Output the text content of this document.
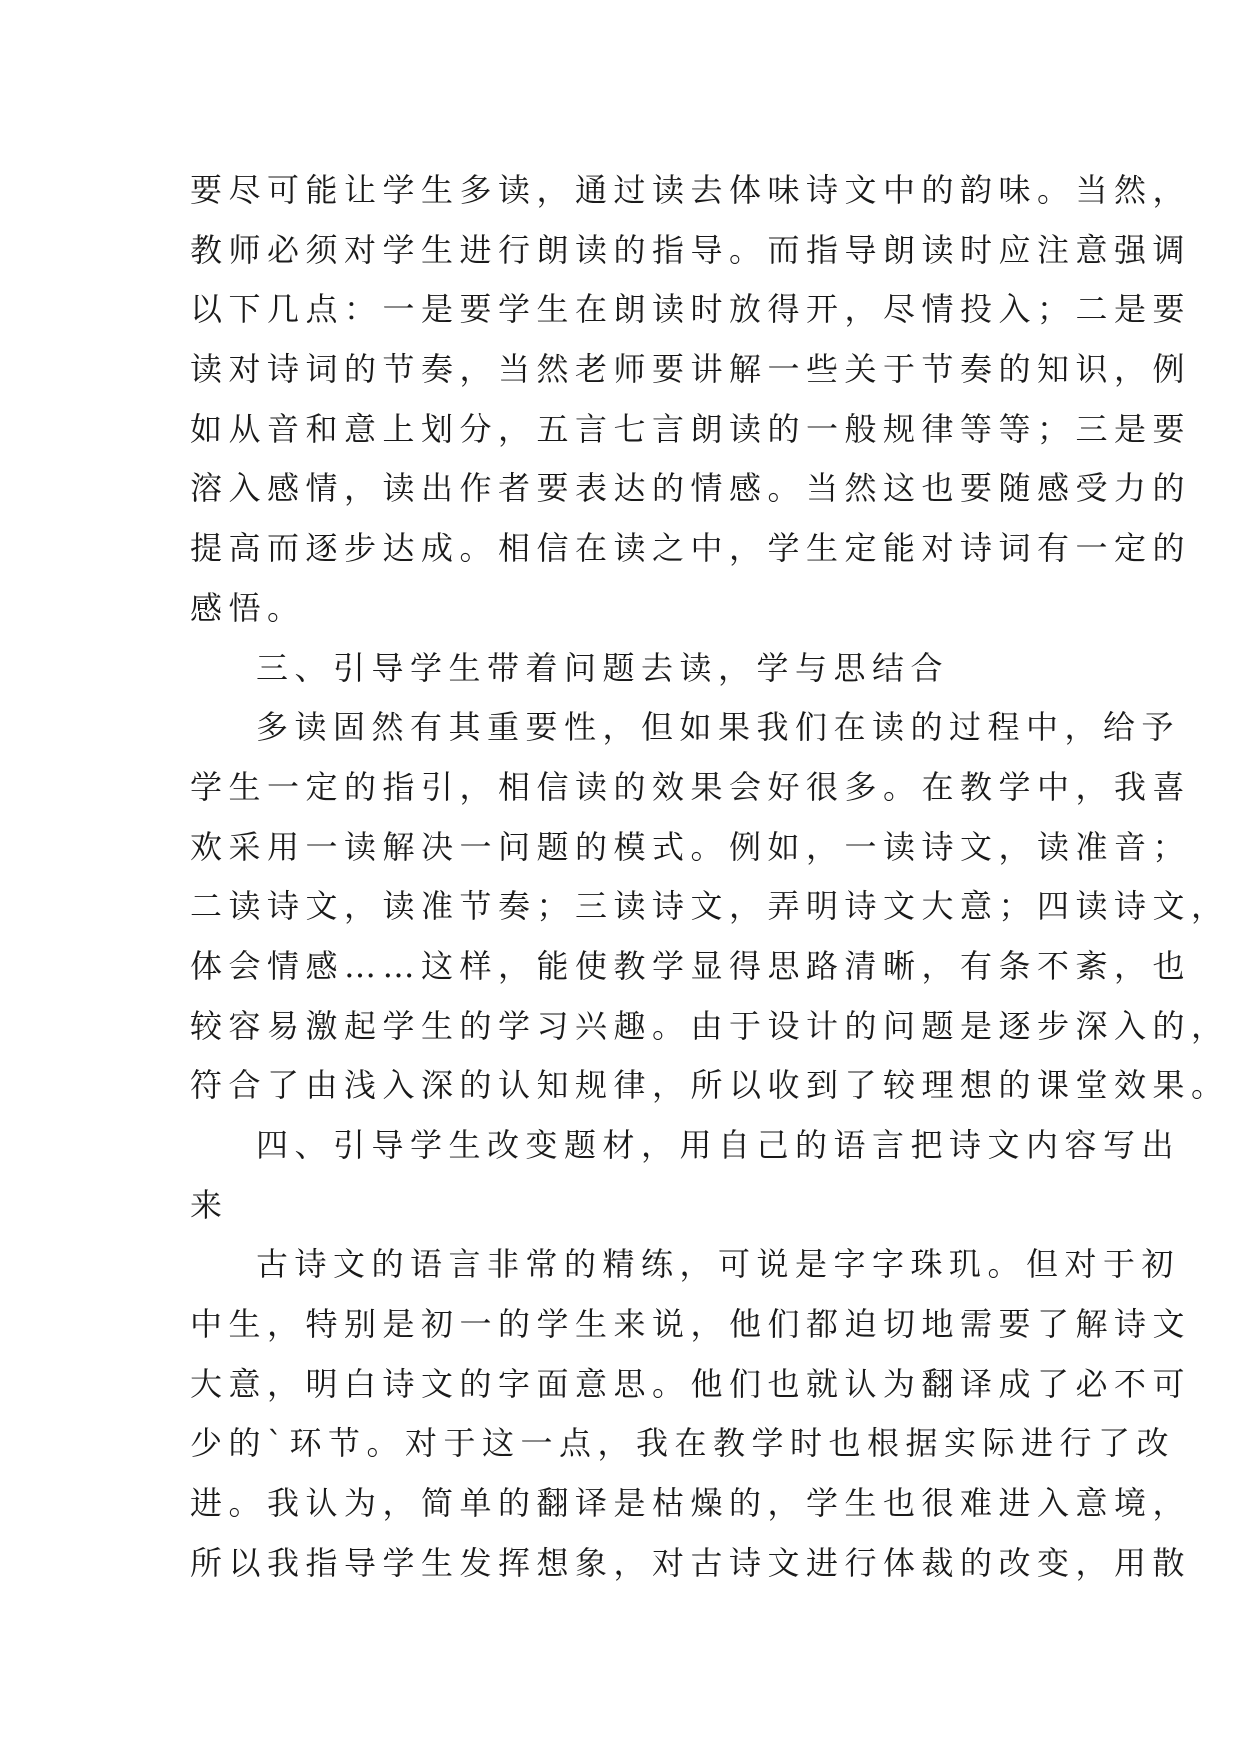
要尽可能让学生多读，通过读去体味诗文中的韵味。当然，
教师必须对学生进行朗读的指导。而指导朗读时应注意强调
以下几点：一是要学生在朗读时放得开，尽情投入；二是要
读对诗词的节奏，当然老师要讲解一些关于节奏的知识，例
如从音和意上划分，五言七言朗读的一般规律等等；三是要
溶入感情，读出作者要表达的情感。当然这也要随感受力的
提高而逐步达成。相信在读之中，学生定能对诗词有一定的
感悟。
三、引导学生带着问题去读，学与思结合
多读固然有其重要性，但如果我们在读的过程中，给予
学生一定的指引，相信读的效果会好很多。在教学中，我喜
欢采用一读解决一问题的模式。例如，一读诗文，读准音；
二读诗文，读准节奏；三读诗文，弄明诗文大意；四读诗文，
体会情感……这样，能使教学显得思路清晰，有条不紊，也
较容易激起学生的学习兴趣。由于设计的问题是逐步深入的，
符合了由浅入深的认知规律，所以收到了较理想的课堂效果。
四、引导学生改变题材，用自己的语言把诗文内容写出
来
古诗文的语言非常的精练，可说是字字珠玑。但对于初
中生，特别是初一的学生来说，他们都迫切地需要了解诗文
大意，明白诗文的字面意思。他们也就认为翻译成了必不可
少的`环节。对于这一点，我在教学时也根据实际进行了改
进。我认为，简单的翻译是枯燥的，学生也很难进入意境，
所以我指导学生发挥想象，对古诗文进行体裁的改变，用散
